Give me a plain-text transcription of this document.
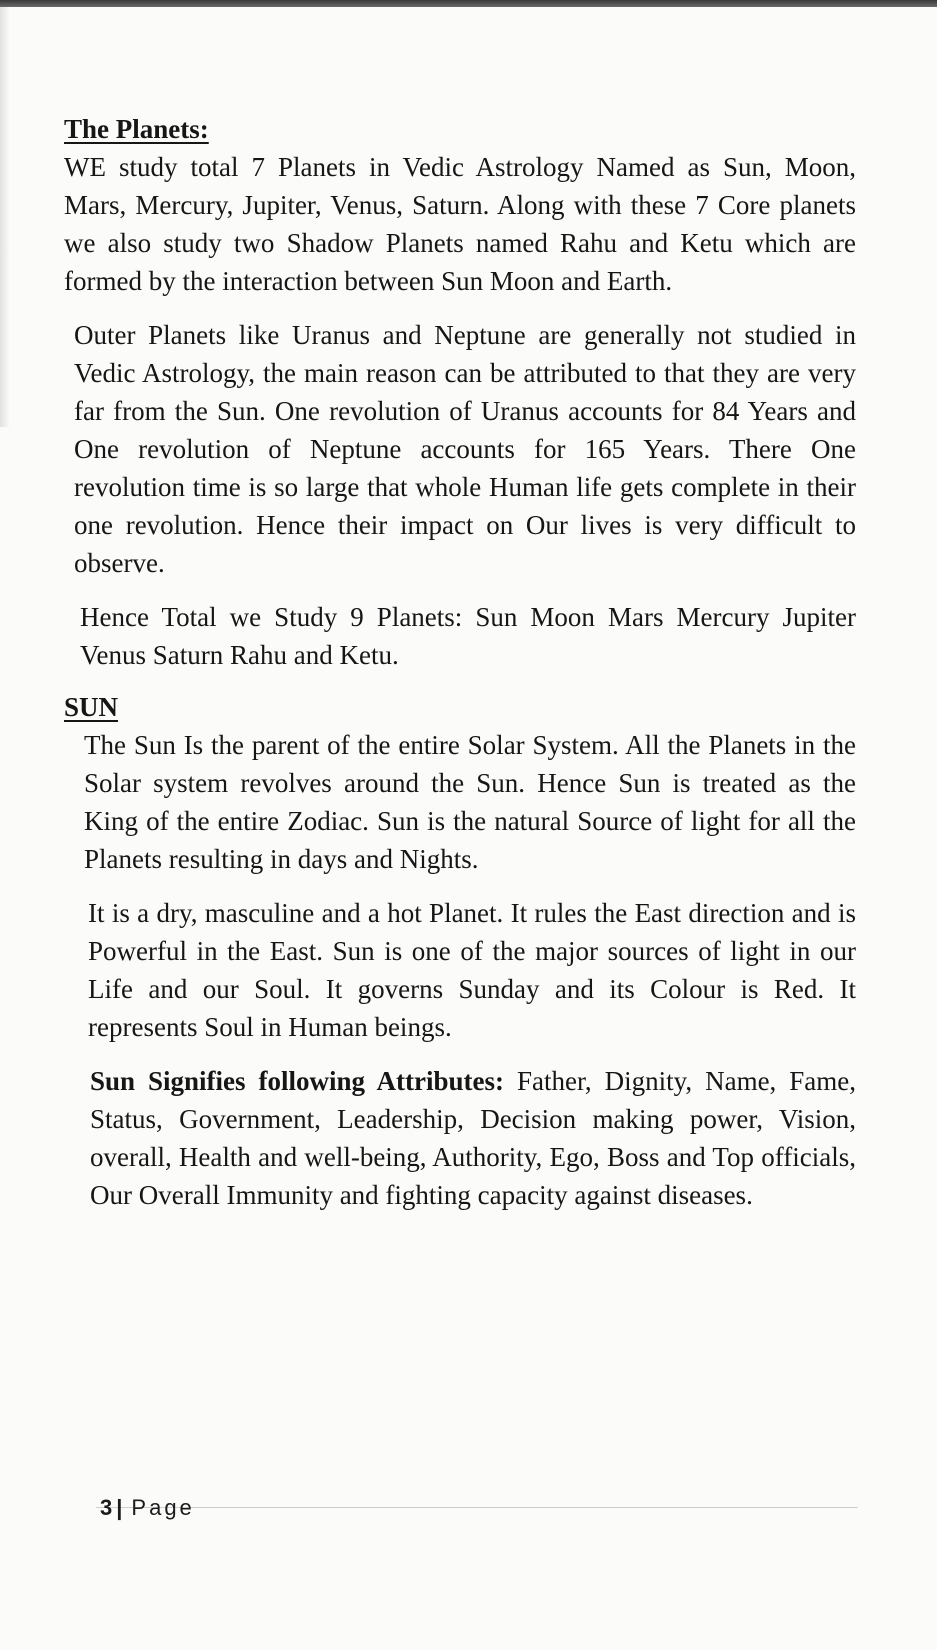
The Planets:

WE study total 7 Planets in Vedic Astrology Named as Sun, Moon, Mars, Mercury, Jupiter, Venus, Saturn. Along with these 7 Core planets we also study two Shadow Planets named Rahu and Ketu which are formed by the interaction between Sun Moon and Earth.

Outer Planets like Uranus and Neptune are generally not studied in Vedic Astrology, the main reason can be attributed to that they are very far from the Sun. One revolution of Uranus accounts for 84 Years and One revolution of Neptune accounts for 165 Years. There One revolution time is so large that whole Human life gets complete in their one revolution. Hence their impact on Our lives is very difficult to observe.

Hence Total we Study 9 Planets: Sun Moon Mars Mercury Jupiter Venus Saturn Rahu and Ketu.

SUN

The Sun Is the parent of the entire Solar System. All the Planets in the Solar system revolves around the Sun. Hence Sun is treated as the King of the entire Zodiac. Sun is the natural Source of light for all the Planets resulting in days and Nights.

It is a dry, masculine and a hot Planet. It rules the East direction and is Powerful in the East. Sun is one of the major sources of light in our Life and our Soul. It governs Sunday and its Colour is Red. It represents Soul in Human beings.

Sun Signifies following Attributes: Father, Dignity, Name, Fame, Status, Government, Leadership, Decision making power, Vision, overall, Health and well-being, Authority, Ego, Boss and Top officials, Our Overall Immunity and fighting capacity against diseases.

3 | Page
